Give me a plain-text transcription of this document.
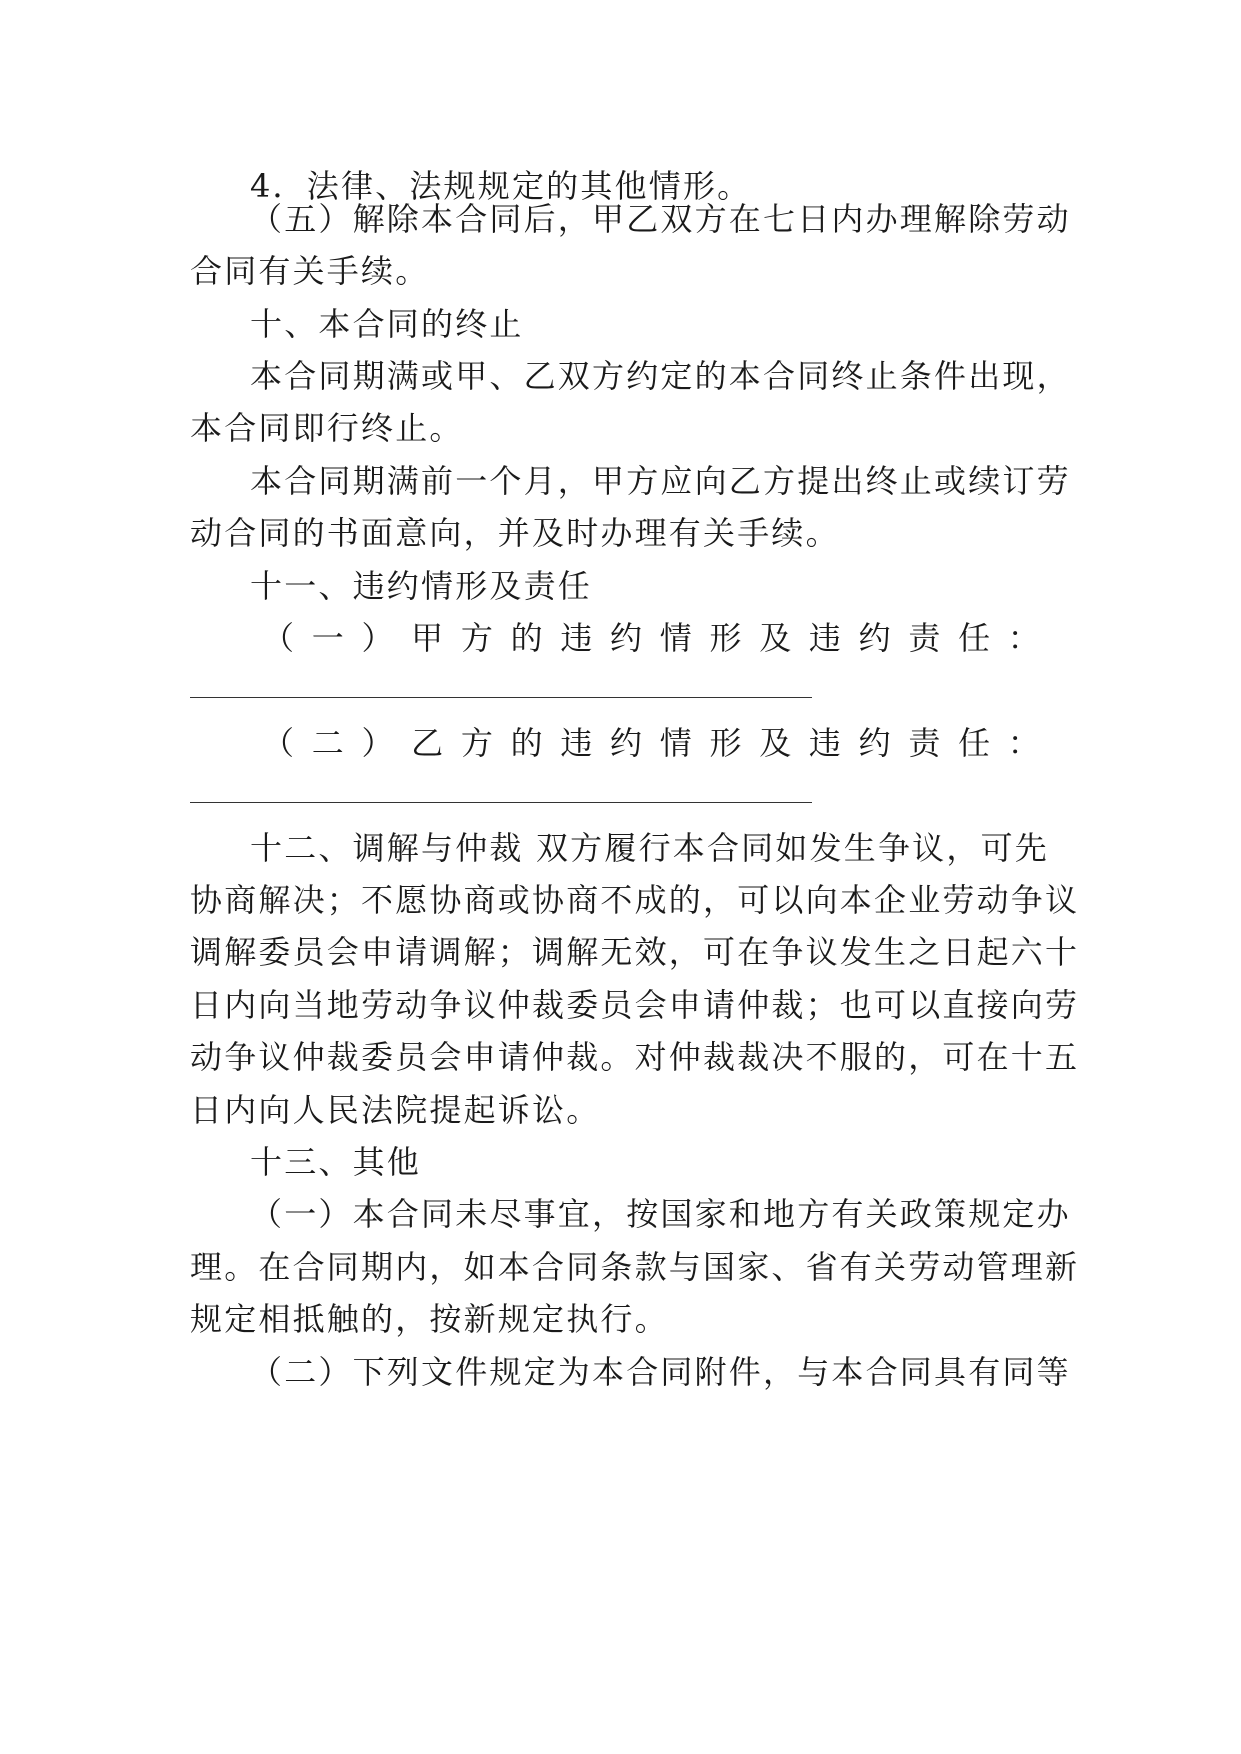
4．法律、法规规定的其他情形。
（五）解除本合同后，甲乙双方在七日内办理解除劳动
合同有关手续。
十、本合同的终止
本合同期满或甲、乙双方约定的本合同终止条件出现，
本合同即行终止。
本合同期满前一个月，甲方应向乙方提出终止或续订劳
动合同的书面意向，并及时办理有关手续。
十一、违约情形及责任
（ 一 ） 甲 方 的 违 约 情 形 及 违 约 责 任 ：
（ 二 ） 乙 方 的 违 约 情 形 及 违 约 责 任 ：
十二、调解与仲裁 双方履行本合同如发生争议，可先
协商解决；不愿协商或协商不成的，可以向本企业劳动争议
调解委员会申请调解；调解无效，可在争议发生之日起六十
日内向当地劳动争议仲裁委员会申请仲裁；也可以直接向劳
动争议仲裁委员会申请仲裁。对仲裁裁决不服的，可在十五
日内向人民法院提起诉讼。
十三、其他
（一）本合同未尽事宜，按国家和地方有关政策规定办
理。在合同期内，如本合同条款与国家、省有关劳动管理新
规定相抵触的，按新规定执行。
（二）下列文件规定为本合同附件，与本合同具有同等
